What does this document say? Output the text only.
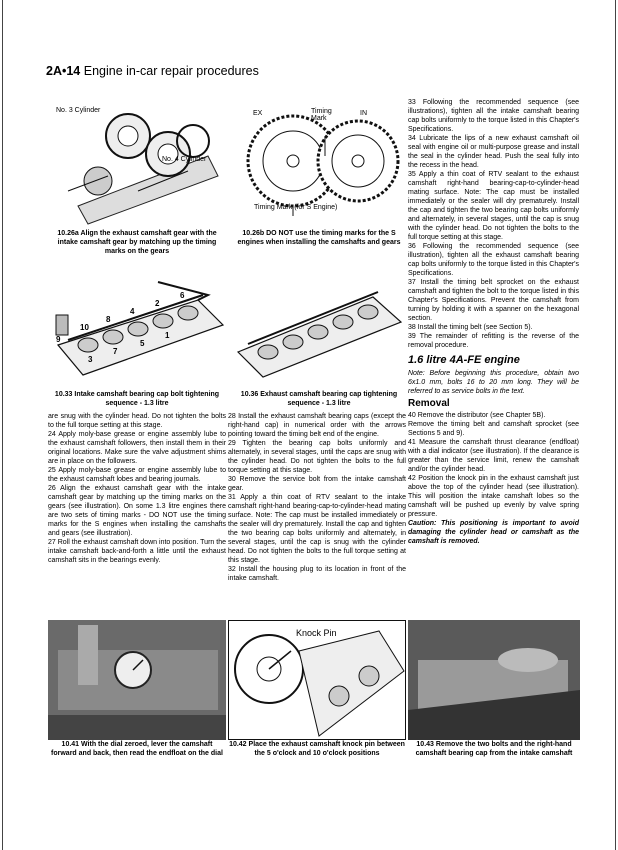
2A•14 Engine in-car repair procedures
No. 3 Cylinder
No. 4 Cylinder
10.26a Align the exhaust camshaft gear with the intake camshaft gear by matching up the timing marks on the gears
EX	IN
Timing Mark
Timing Mark (for S Engine)
10.26b DO NOT use the timing marks for the S engines when installing the camshafts and gears
10
8
4
2
6
3
7
5
1
9
10.33 Intake camshaft bearing cap bolt tightening sequence - 1.3 litre
10.36 Exhaust camshaft bearing cap tightening sequence - 1.3 litre

are snug with the cylinder head. Do not tighten the bolts to the full torque setting at this stage.

24 Apply moly-base grease or engine assembly lube to the exhaust camshaft followers, then install them in their original locations. Make sure the valve adjustment shims are in place on the followers.

25 Apply moly-base grease or engine assembly lube to the exhaust camshaft lobes and bearing journals.

26 Align the exhaust camshaft gear with the intake camshaft gear by matching up the timing marks on the gears (see illustration). On some 1.3 litre engines there are two sets of timing marks - DO NOT use the timing marks for the S engines when installing the camshafts and gears (see illustration).

27 Roll the exhaust camshaft down into position. Turn the intake camshaft back-and-forth a little until the exhaust camshaft sits in the bearings evenly.

28 Install the exhaust camshaft bearing caps (except the right-hand cap) in numerical order with the arrows pointing toward the timing belt end of the engine.

29 Tighten the bearing cap bolts uniformly and alternately, in several stages, until the caps are snug with the cylinder head. Do not tighten the bolts to the full torque setting at this stage.

30 Remove the service bolt from the intake camshaft gear.

31 Apply a thin coat of RTV sealant to the intake camshaft right-hand bearing-cap-to-cylinder-head mating surface. Note: The cap must be installed immediately or the sealer will dry prematurely. Install the cap and tighten the two bearing cap bolts uniformly and alternately, in several stages, until the cap is snug with the cylinder head. Do not tighten the bolts to the full torque setting at this stage.

32 Install the housing plug to its location in front of the intake camshaft.

33 Following the recommended sequence (see illustrations), tighten all the intake camshaft bearing cap bolts uniformly to the torque listed in this Chapter's Specifications.

34 Lubricate the lips of a new exhaust camshaft oil seal with engine oil or multi-purpose grease and install the seal in the cylinder head. Push the seal fully into the recess in the head.

35 Apply a thin coat of RTV sealant to the exhaust camshaft right-hand bearing-cap-to-cylinder-head mating surface. Note: The cap must be installed immediately or the sealer will dry prematurely. Install the cap and tighten the two bearing cap bolts uniformly and alternately, in several stages, until the cap is snug with the cylinder head. Do not tighten the bolts to the full torque setting at this stage.

36 Following the recommended sequence (see illustration), tighten all the exhaust camshaft bearing cap bolts uniformly to the torque listed in this Chapter's Specifications.

37 Install the timing belt sprocket on the exhaust camshaft and tighten the bolt to the torque listed in this Chapter's Specifications. Prevent the camshaft from turning by holding it with a spanner on the hexagonal section.

38 Install the timing belt (see Section 5).

39 The remainder of refitting is the reverse of the removal procedure.

1.6 litre 4A-FE engine

Note: Before beginning this procedure, obtain two 6x1.0 mm, bolts 16 to 20 mm long. They will be referred to as service bolts in the text.

Removal

40 Remove the distributor (see Chapter 5B).

Remove the timing belt and camshaft sprocket (see Sections 5 and 9).

41 Measure the camshaft thrust clearance (endfloat) with a dial indicator (see illustration). If the clearance is greater than the service limit, renew the camshaft and/or the cylinder head.

42 Position the knock pin in the exhaust camshaft just above the top of the cylinder head (see illustration). This will position the intake camshaft lobes so the camshaft will be pushed up evenly by valve spring pressure.

Caution: This positioning is important to avoid damaging the cylinder head or camshaft as the camshaft is removed.

10.41 With the dial zeroed, lever the camshaft forward and back, then read the endfloat on the dial
Knock Pin
10.42 Place the exhaust camshaft knock pin between the 5 o'clock and 10 o'clock positions
10.43 Remove the two bolts and the right-hand camshaft bearing cap from the intake camshaft
